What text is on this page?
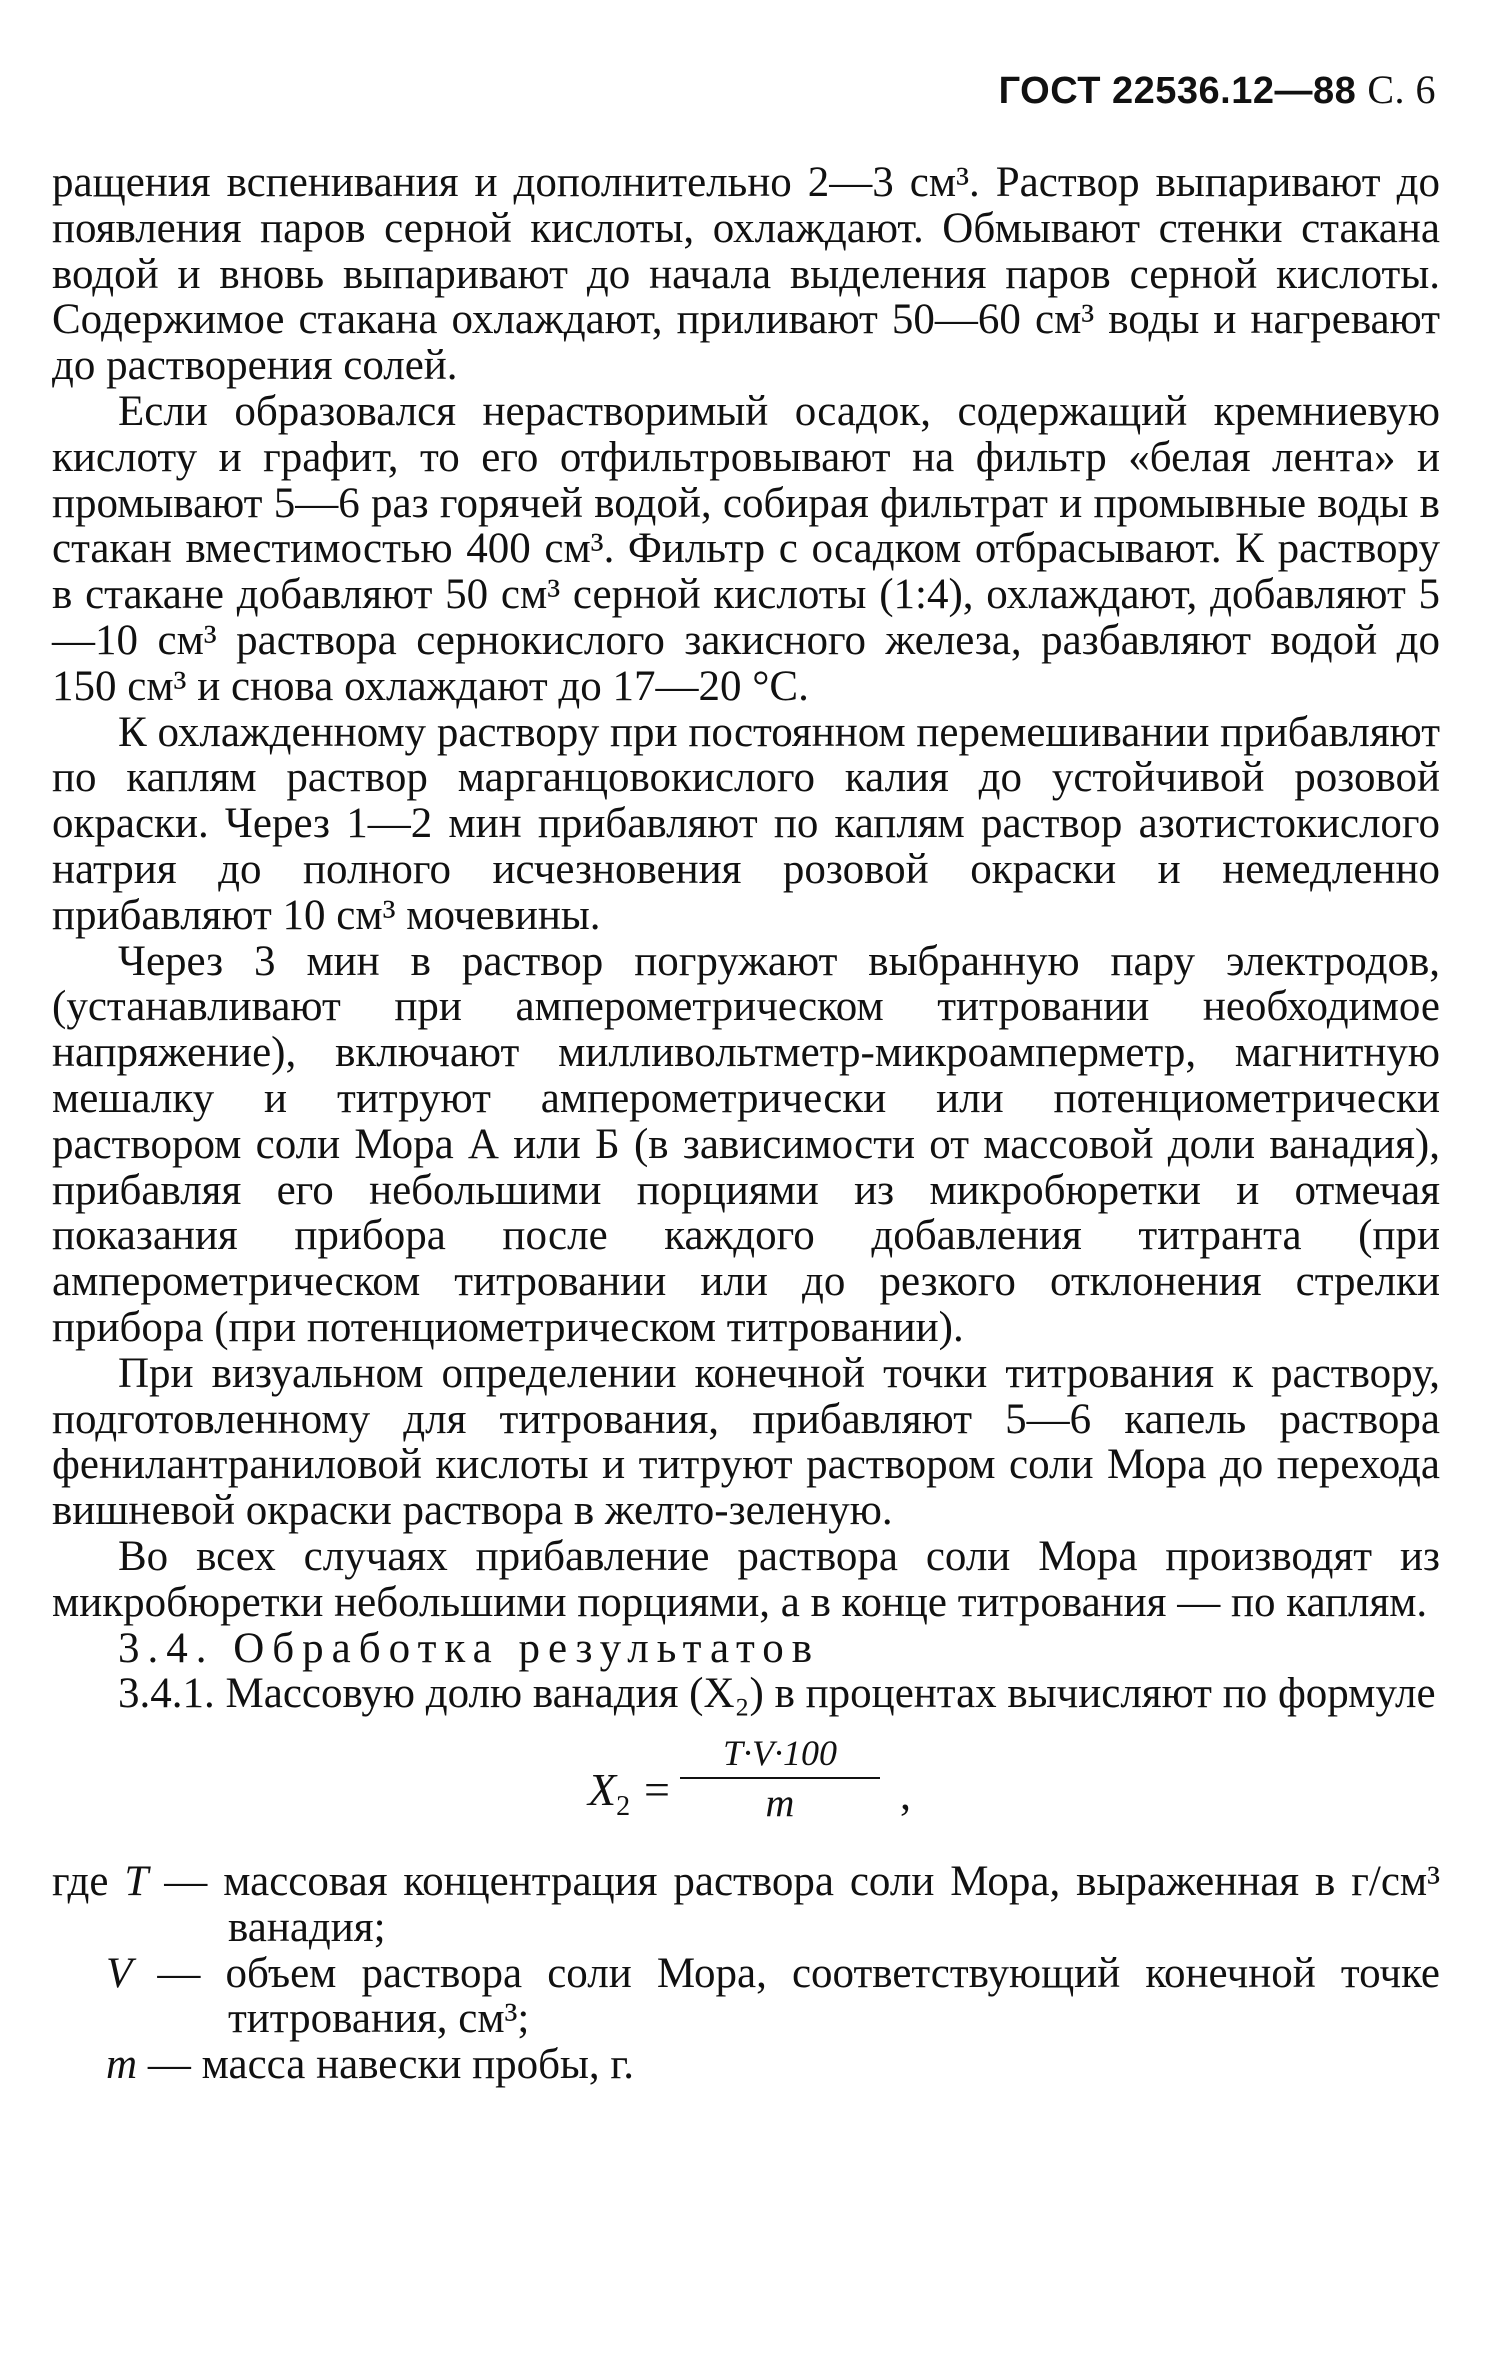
ГОСТ 22536.12—88 С. 6

ращения вспенивания и дополнительно 2—3 см³. Раствор выпаривают до появления паров серной кислоты, охлаждают. Обмывают стенки стакана водой и вновь выпаривают до начала выделения паров серной кислоты. Содержимое стакана охлаждают, приливают 50—60 см³ воды и нагревают до растворения солей.

Если образовался нерастворимый осадок, содержащий кремниевую кислоту и графит, то его отфильтровывают на фильтр «белая лента» и промывают 5—6 раз горячей водой, собирая фильтрат и промывные воды в стакан вместимостью 400 см³. Фильтр с осадком отбрасывают. К раствору в стакане добавляют 50 см³ серной кислоты (1:4), охлаждают, добавляют 5—10 см³ раствора сернокислого закисного железа, разбавляют водой до 150 см³ и снова охлаждают до 17—20 °С.

К охлажденному раствору при постоянном перемешивании прибавляют по каплям раствор марганцовокислого калия до устойчивой розовой окраски. Через 1—2 мин прибавляют по каплям раствор азотистокислого натрия до полного исчезновения розовой окраски и немедленно прибавляют 10 см³ мочевины.

Через 3 мин в раствор погружают выбранную пару электродов, (устанавливают при амперометрическом титровании необходимое напряжение), включают милливольтметр-микроамперметр, магнитную мешалку и титруют амперометрически или потенциометрически раствором соли Мора А или Б (в зависимости от массовой доли ванадия), прибавляя его небольшими порциями из микробюретки и отмечая показания прибора после каждого добавления титранта (при амперометрическом титровании или до резкого отклонения стрелки прибора (при потенциометрическом титровании).

При визуальном определении конечной точки титрования к раствору, подготовленному для титрования, прибавляют 5—6 капель раствора фенилантраниловой кислоты и титруют раствором соли Мора до перехода вишневой окраски раствора в желто-зеленую.

Во всех случаях прибавление раствора соли Мора производят из микробюретки небольшими порциями, а в конце титрования — по каплям.

3.4. Обработка результатов

3.4.1. Массовую долю ванадия (X₂) в процентах вычисляют по формуле

$X_2$ =
T·V·100
m	,
где T — массовая концентрация раствора соли Мора, выраженная в г/см³ ванадия;
V — объем раствора соли Мора, соответствующий конечной точке титрования, см³;
m — масса навески пробы, г.
